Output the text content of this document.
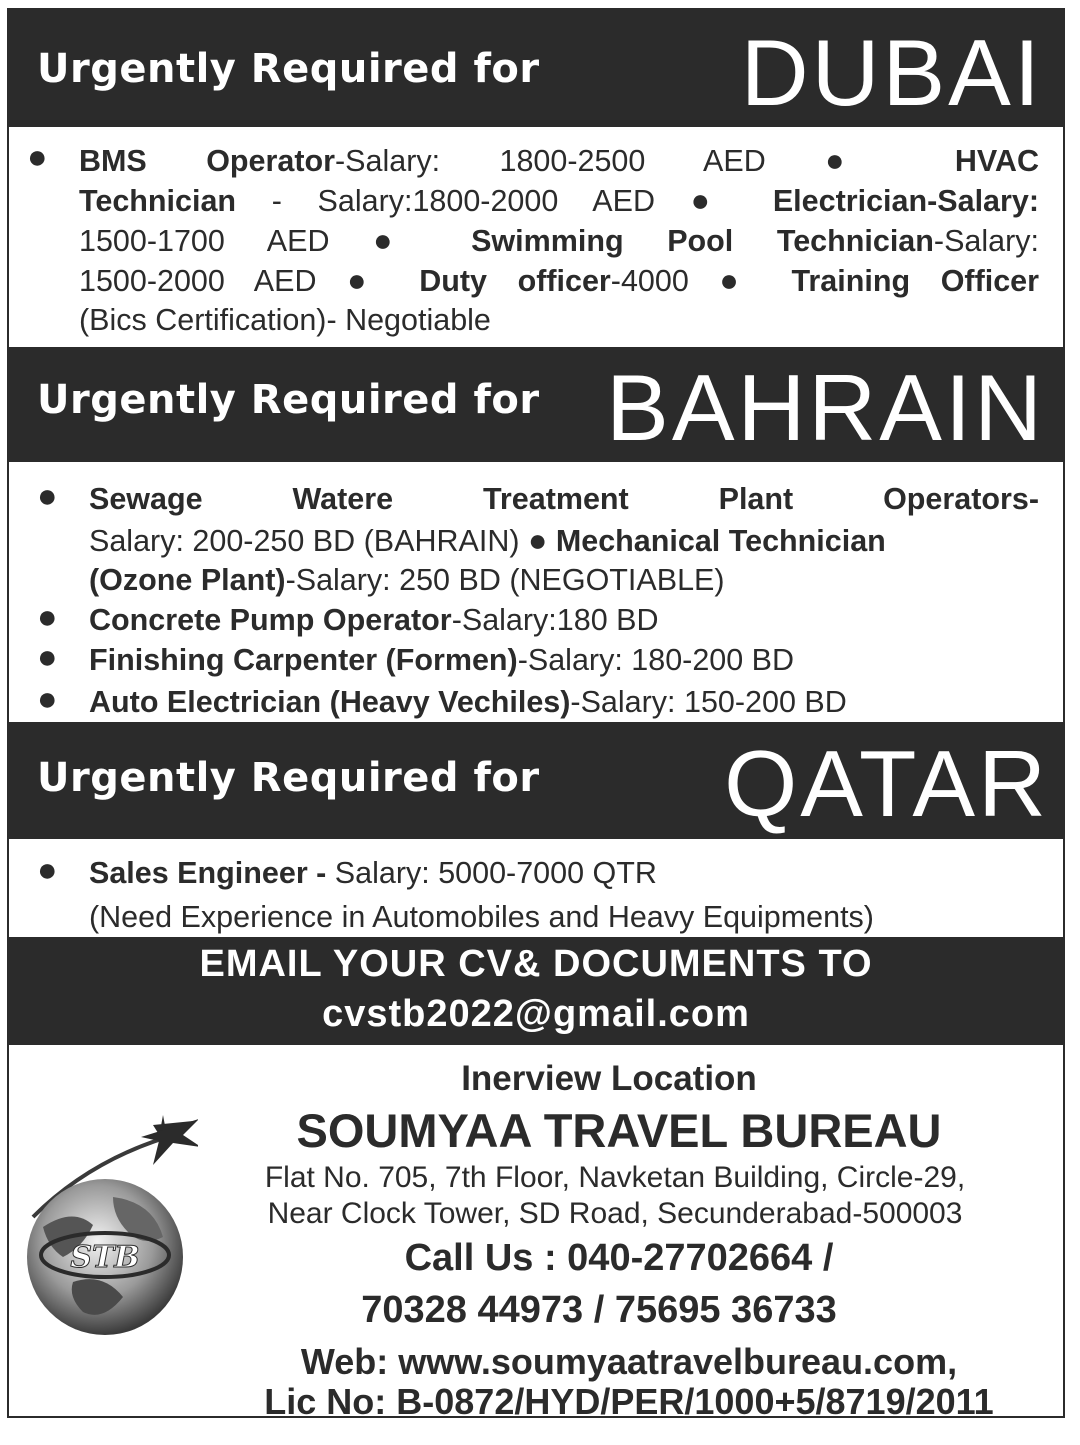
Urgently Required for DUBAI
BMS Operator-Salary: 1800-2500 AED ● HVAC
●
Technician - Salary:1800-2000 AED ● Electrician-Salary:
1500-1700 AED ● Swimming Pool Technician-Salary:
1500-2000 AED ● Duty officer-4000 ● Training Officer
(Bics Certification)- Negotiable
Urgently Required for BAHRAIN
● Sewage Watere Treatment Plant Operators-
Salary: 200-250 BD (BAHRAIN) ● Mechanical Technician
(Ozone Plant)-Salary: 250 BD (NEGOTIABLE)
● Concrete Pump Operator-Salary:180 BD
● Finishing Carpenter (Formen)-Salary: 180-200 BD
● Auto Electrician (Heavy Vechiles)-Salary: 150-200 BD
Urgently Required for QATAR
● Sales Engineer - Salary: 5000-7000 QTR
(Need Experience in Automobiles and Heavy Equipments)
EMAIL YOUR CV& DOCUMENTS TO
cvstb2022@gmail.com
STB
Inerview Location
SOUMYAA TRAVEL BUREAU
Flat No. 705, 7th Floor, Navketan Building, Circle-29,
Near Clock Tower, SD Road, Secunderabad-500003
Call Us : 040-27702664 /
70328 44973 / 75695 36733
Web: www.soumyaatravelbureau.com,
Lic No: B-0872/HYD/PER/1000+5/8719/2011
